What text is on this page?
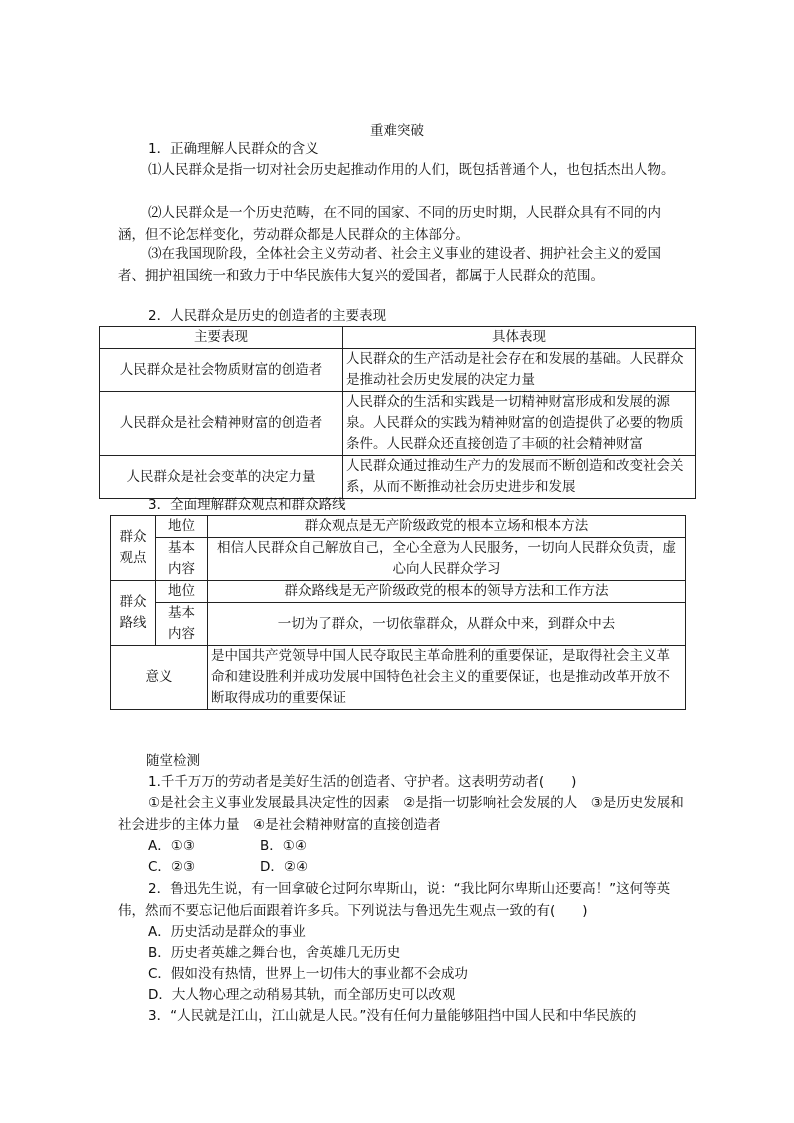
重难突破
1．正确理解人民群众的含义
⑴人民群众是指一切对社会历史起推动作用的人们，既包括普通个人，也包括杰出人物。
⑵人民群众是一个历史范畴，在不同的国家、不同的历史时期，人民群众具有不同的内涵，但不论怎样变化，劳动群众都是人民群众的主体部分。
⑶在我国现阶段，全体社会主义劳动者、社会主义事业的建设者、拥护社会主义的爱国者、拥护祖国统一和致力于中华民族伟大复兴的爱国者，都属于人民群众的范围。
2．人民群众是历史的创造者的主要表现
主要表现	具体表现
人民群众是社会物质财富的创造者	人民群众的生产活动是社会存在和发展的基础。人民群众是推动社会历史发展的决定力量
人民群众是社会精神财富的创造者	人民群众的生活和实践是一切精神财富形成和发展的源泉。人民群众的实践为精神财富的创造提供了必要的物质条件。人民群众还直接创造了丰硕的社会精神财富
人民群众是社会变革的决定力量	人民群众通过推动生产力的发展而不断创造和改变社会关系，从而不断推动社会历史进步和发展
3．全面理解群众观点和群众路线
群众观点	地位	群众观点是无产阶级政党的根本立场和根本方法
	基本内容	相信人民群众自己解放自己，全心全意为人民服务，一切向人民群众负责，虚心向人民群众学习
群众路线	地位	群众路线是无产阶级政党的根本的领导方法和工作方法
	基本内容	一切为了群众，一切依靠群众，从群众中来，到群众中去
意义		是中国共产党领导中国人民夺取民主革命胜利的重要保证，是取得社会主义革命和建设胜利并成功发展中国特色社会主义的重要保证，也是推动改革开放不断取得成功的重要保证
随堂检测
1.千千万万的劳动者是美好生活的创造者、守护者。这表明劳动者(　　)
①是社会主义事业发展最具决定性的因素　②是指一切影响社会发展的人　③是历史发展和社会进步的主体力量　④是社会精神财富的直接创造者
A．①③	B．①④
C．②③	D．②④
2．鲁迅先生说，有一回拿破仑过阿尔卑斯山，说：“我比阿尔卑斯山还要高！”这何等英伟，然而不要忘记他后面跟着许多兵。下列说法与鲁迅先生观点一致的有(　　)
A．历史活动是群众的事业
B．历史者英雄之舞台也，舍英雄几无历史
C．假如没有热情，世界上一切伟大的事业都不会成功
D．大人物心理之动稍易其轨，而全部历史可以改观
3．“人民就是江山，江山就是人民。”没有任何力量能够阻挡中国人民和中华民族的
